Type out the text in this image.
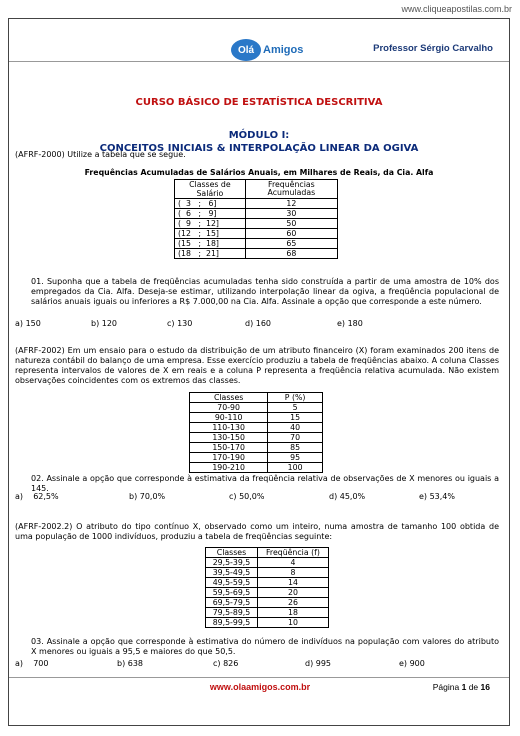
www.cliqueapostilas.com.br
Olá Amigos	Professor Sérgio Carvalho
CURSO BÁSICO DE ESTATÍSTICA DESCRITIVA
MÓDULO I:
CONCEITOS INICIAIS & INTERPOLAÇÃO LINEAR DA OGIVA

(AFRF-2000) Utilize a tabela que se segue.

Frequências Acumuladas de Salários Anuais, em Milhares de Reais, da Cia. Alfa

Classes de Salário	Frequências Acumuladas
(  3   ;   6]	12
(  6   ;   9]	30
(  9   ;  12]	50
(12   ;  15]	60
(15   ;  18]	65
(18   ;  21]	68

01. Suponha que a tabela de freqüências acumuladas tenha sido construída a partir de uma amostra de 10% dos empregados da Cia. Alfa. Deseja-se estimar, utilizando interpolação linear da ogiva, a freqüência populacional de salários anuais iguais ou inferiores a R$ 7.000,00 na Cia. Alfa. Assinale a opção que corresponde a este número.

a) 150	b) 120	c) 130	d) 160	e) 180

(AFRF-2002) Em um ensaio para o estudo da distribuição de um atributo financeiro (X) foram examinados 200 itens de natureza contábil do balanço de uma empresa. Esse exercício produziu a tabela de freqüências abaixo. A coluna Classes representa intervalos de valores de X em reais e a coluna P representa a freqüência relativa acumulada. Não existem observações coincidentes com os extremos das classes.

Classes	P (%)
70-90	5
90-110	15
110-130	40
130-150	70
150-170	85
170-190	95
190-210	100

02. Assinale a opção que corresponde à estimativa da freqüência relativa de observações de X menores ou iguais a 145.

a)    62,5%	b) 70,0%	c) 50,0%	d) 45,0%	e) 53,4%

(AFRF-2002.2) O atributo do tipo contínuo X, observado como um inteiro, numa amostra de tamanho 100 obtida de uma população de 1000 indivíduos, produziu a tabela de freqüências seguinte:

Classes	Freqüência (f)
29,5-39,5	4
39,5-49,5	8
49,5-59,5	14
59,5-69,5	20
69,5-79,5	26
79,5-89,5	18
89,5-99,5	10

03. Assinale a opção que corresponde à estimativa do número de indivíduos na população com valores do atributo X menores ou iguais a 95,5 e maiores do que 50,5.

a)    700	b) 638	c) 826	d) 995	e) 900
www.olaamigos.com.br	Página 1 de 16
